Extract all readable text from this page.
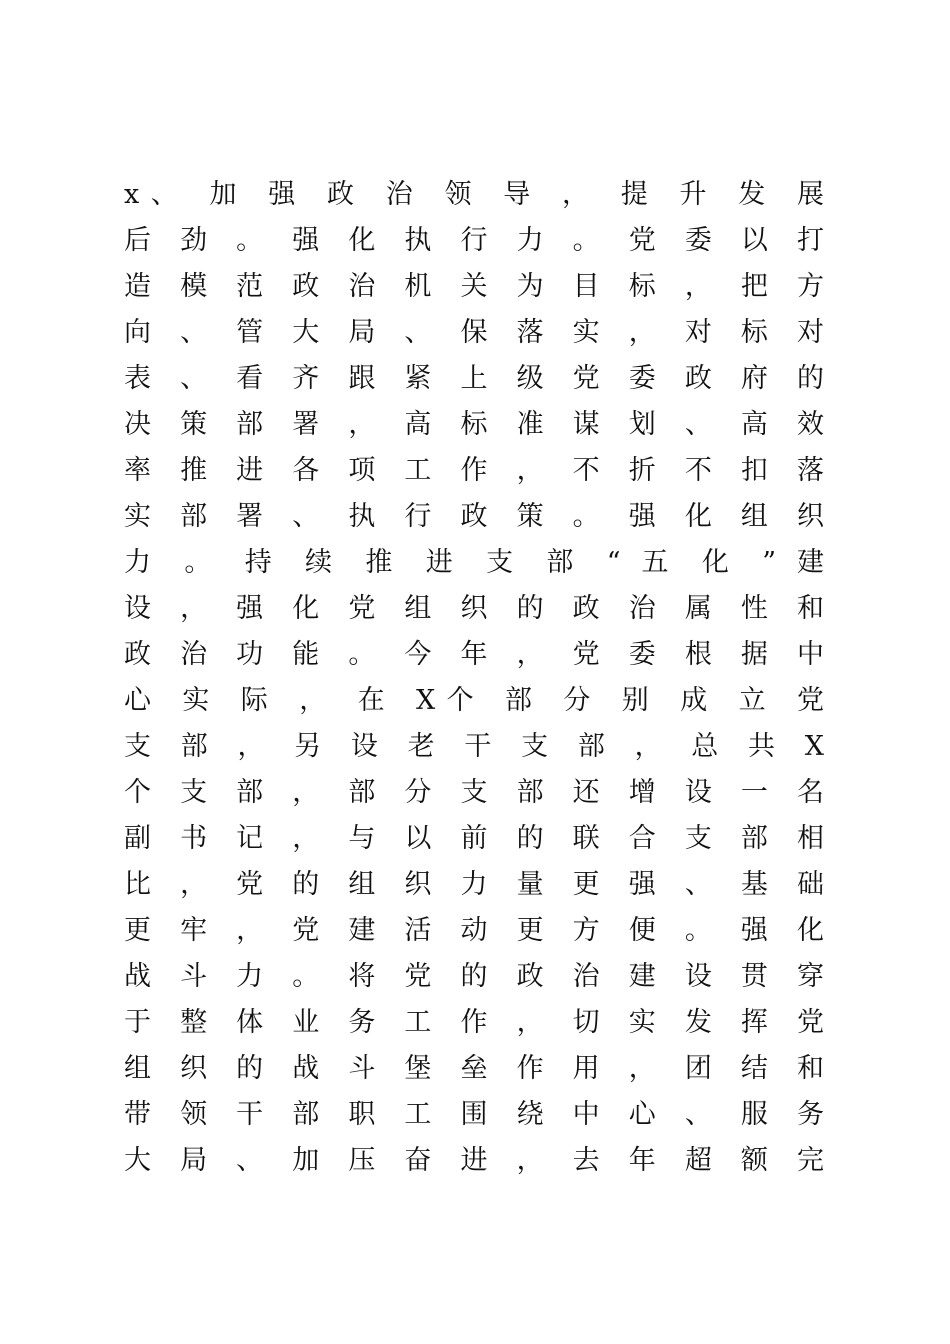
x、 加 强 政 治 领 导 ， 提 升 发 展
后 劲 。 强 化 执 行 力 。 党 委 以 打
造 模 范 政 治 机 关 为 目 标 ， 把 方
向 、 管 大 局 、 保 落 实 ， 对 标 对
表 、 看 齐 跟 紧 上 级 党 委 政 府 的
决 策 部 署 ， 高 标 准 谋 划 、 高 效
率 推 进 各 项 工 作 ， 不 折 不 扣 落
实 部 署 、 执 行 政 策 。 强 化 组 织
力 。 持 续 推 进 支 部 “ 五 化 ” 建
设 ， 强 化 党 组 织 的 政 治 属 性 和
政 治 功 能 。 今 年 ， 党 委 根 据 中
心 实 际 ， 在 X个 部 分 别 成 立 党
支 部 ， 另 设 老 干 支 部 ， 总 共 X
个 支 部 ， 部 分 支 部 还 增 设 一 名
副 书 记 ， 与 以 前 的 联 合 支 部 相
比 ， 党 的 组 织 力 量 更 强 、 基 础
更 牢 ， 党 建 活 动 更 方 便 。 强 化
战 斗 力 。 将 党 的 政 治 建 设 贯 穿
于 整 体 业 务 工 作 ， 切 实 发 挥 党
组 织 的 战 斗 堡 垒 作 用 ， 团 结 和
带 领 干 部 职 工 围 绕 中 心 、 服 务
大 局 、 加 压 奋 进 ， 去 年 超 额 完
